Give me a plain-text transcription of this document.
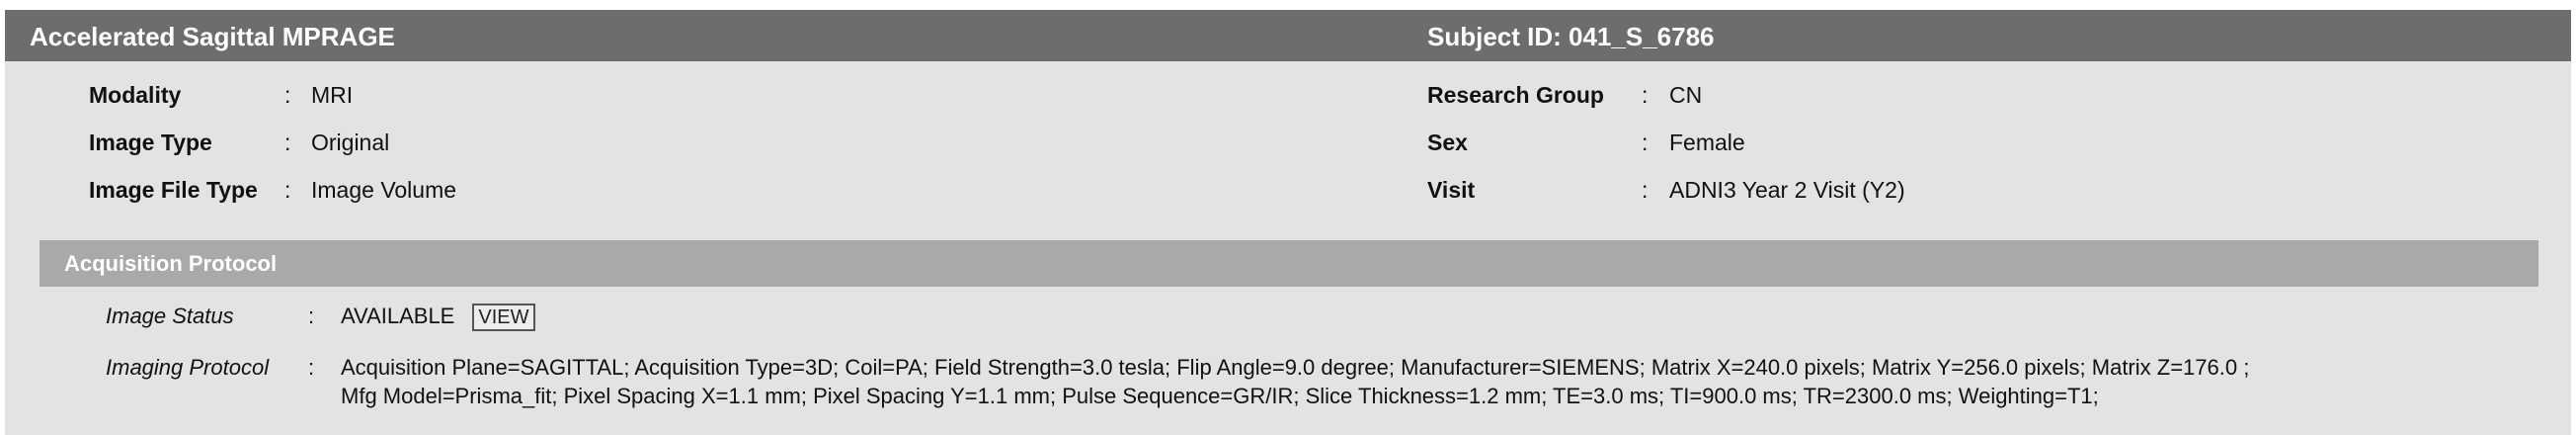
Accelerated Sagittal MPRAGE	Subject ID: 041_S_6786
Modality	: MRI
Image Type	: Original
Image File Type : Image Volume
Research Group : CN
Sex	: Female
Visit	: ADNI3 Year 2 Visit (Y2)
Acquisition Protocol
Image Status	: AVAILABLE VIEW
Imaging Protocol : Acquisition Plane=SAGITTAL; Acquisition Type=3D; Coil=PA; Field Strength=3.0 tesla; Flip Angle=9.0 degree; Manufacturer=SIEMENS; Matrix X=240.0 pixels; Matrix Y=256.0 pixels; Matrix Z=176.0 ;
Mfg Model=Prisma_fit; Pixel Spacing X=1.1 mm; Pixel Spacing Y=1.1 mm; Pulse Sequence=GR/IR; Slice Thickness=1.2 mm; TE=3.0 ms; TI=900.0 ms; TR=2300.0 ms; Weighting=T1;
